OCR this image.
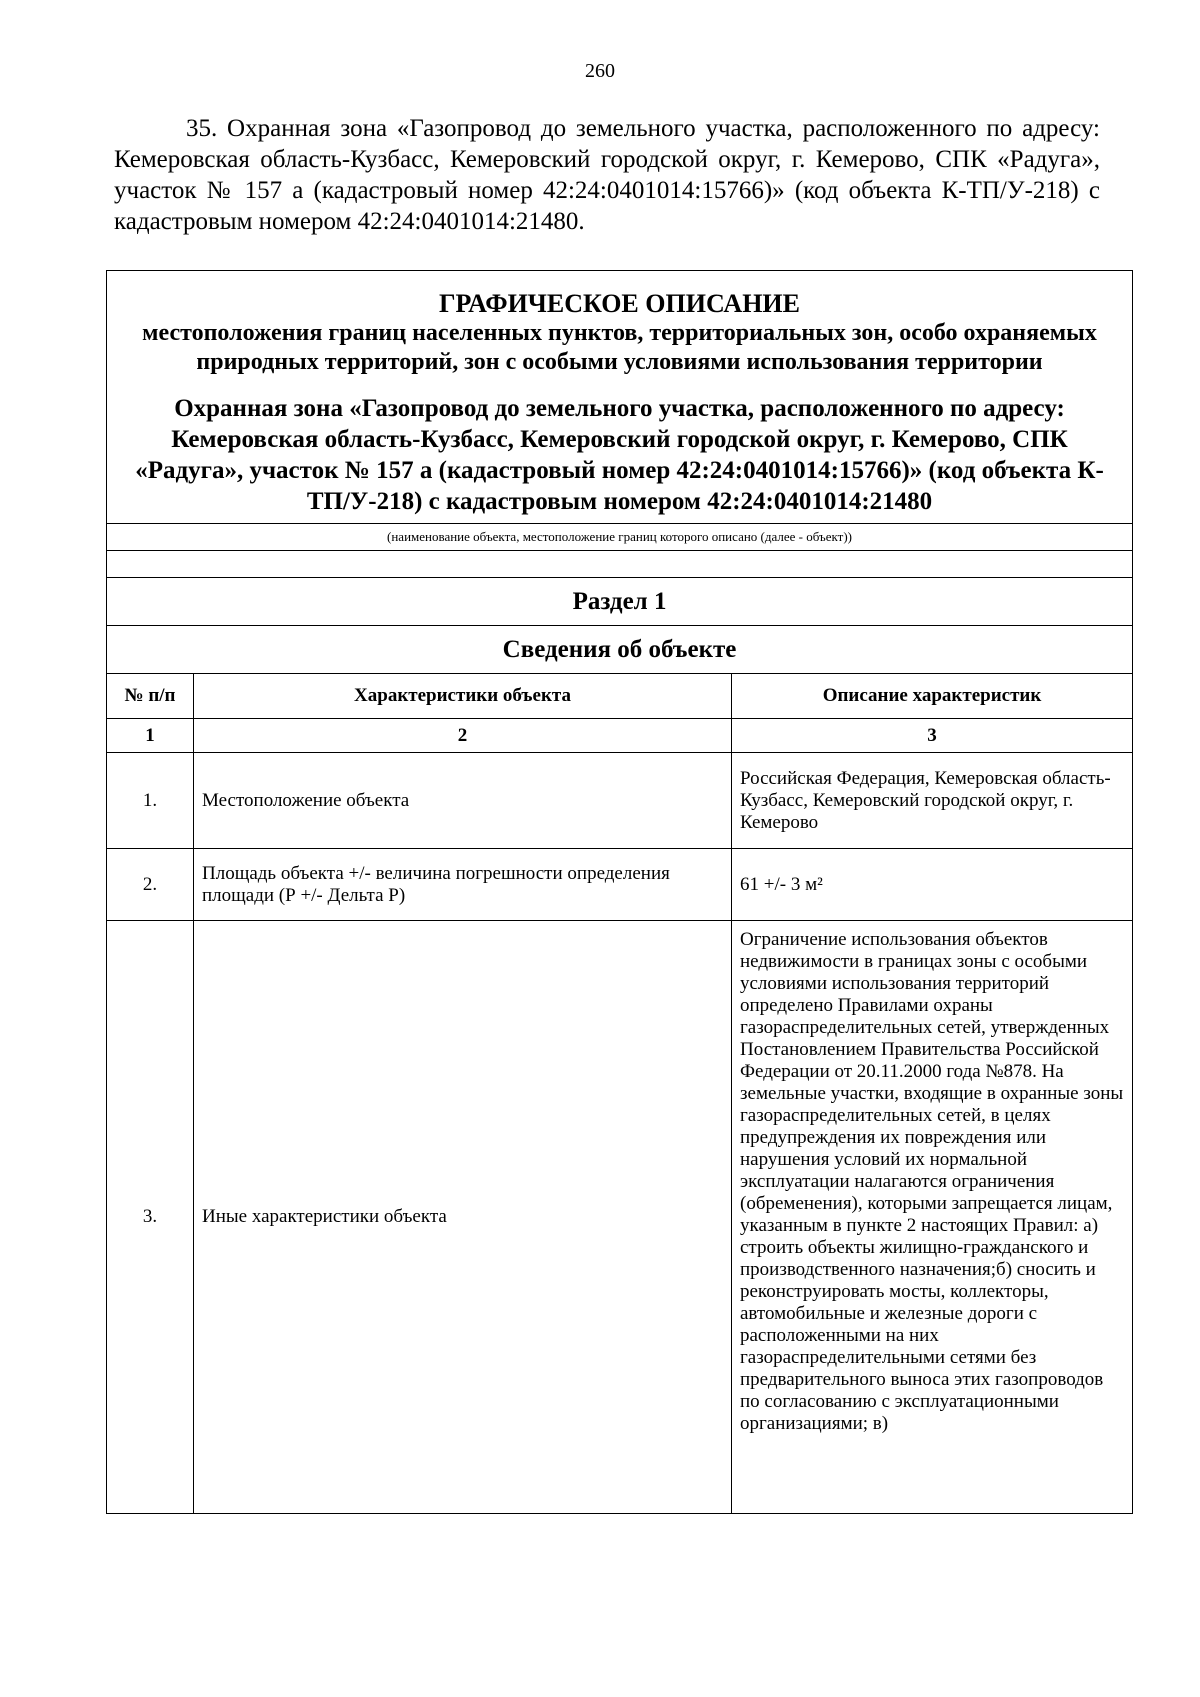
260

35. Охранная зона «Газопровод до земельного участка, расположенного по адресу: Кемеровская область-Кузбасс, Кемеровский городской округ, г. Кемерово, СПК «Радуга», участок № 157 а (кадастровый номер 42:24:0401014:15766)» (код объекта К-ТП/У-218) с кадастровым номером 42:24:0401014:21480.

ГРАФИЧЕСКОЕ ОПИСАНИЕ
местоположения границ населенных пунктов, территориальных зон, особо охраняемых природных территорий, зон с особыми условиями использования территории
Охранная зона «Газопровод до земельного участка, расположенного по адресу: Кемеровская область-Кузбасс, Кемеровский городской округ, г. Кемерово, СПК «Радуга», участок № 157 а (кадастровый номер 42:24:0401014:15766)» (код объекта К-ТП/У-218) с кадастровым номером 42:24:0401014:21480		

(наименование объекта, местоположение границ которого описано (далее - объект))		

Раздел 1		
Сведения об объекте		
№ п/п	Характеристики объекта	Описание характеристик
1	2	3
1.	Местоположение объекта	Российская Федерация, Кемеровская область-Кузбасс, Кемеровский городской округ, г. Кемерово
2.	Площадь объекта +/- величина погрешности определения площади (Р +/- Дельта Р)	61 +/- 3 м²
3.	Иные характеристики объекта	Ограничение использования объектов недвижимости в границах зоны с особыми условиями использования территорий определено Правилами охраны газораспределительных сетей, утвержденных Постановлением Правительства Российской Федерации от 20.11.2000 года №878. На земельные участки, входящие в охранные зоны газораспределительных сетей, в целях предупреждения их повреждения или нарушения условий их нормальной эксплуатации налагаются ограничения (обременения), которыми запрещается лицам, указанным в пункте 2 настоящих Правил: а) строить объекты жилищно-гражданского и производственного назначения;б) сносить и реконструировать мосты, коллекторы, автомобильные и железные дороги с расположенными на них газораспределительными сетями без предварительного выноса этих газопроводов по согласованию с эксплуатационными организациями; в)
